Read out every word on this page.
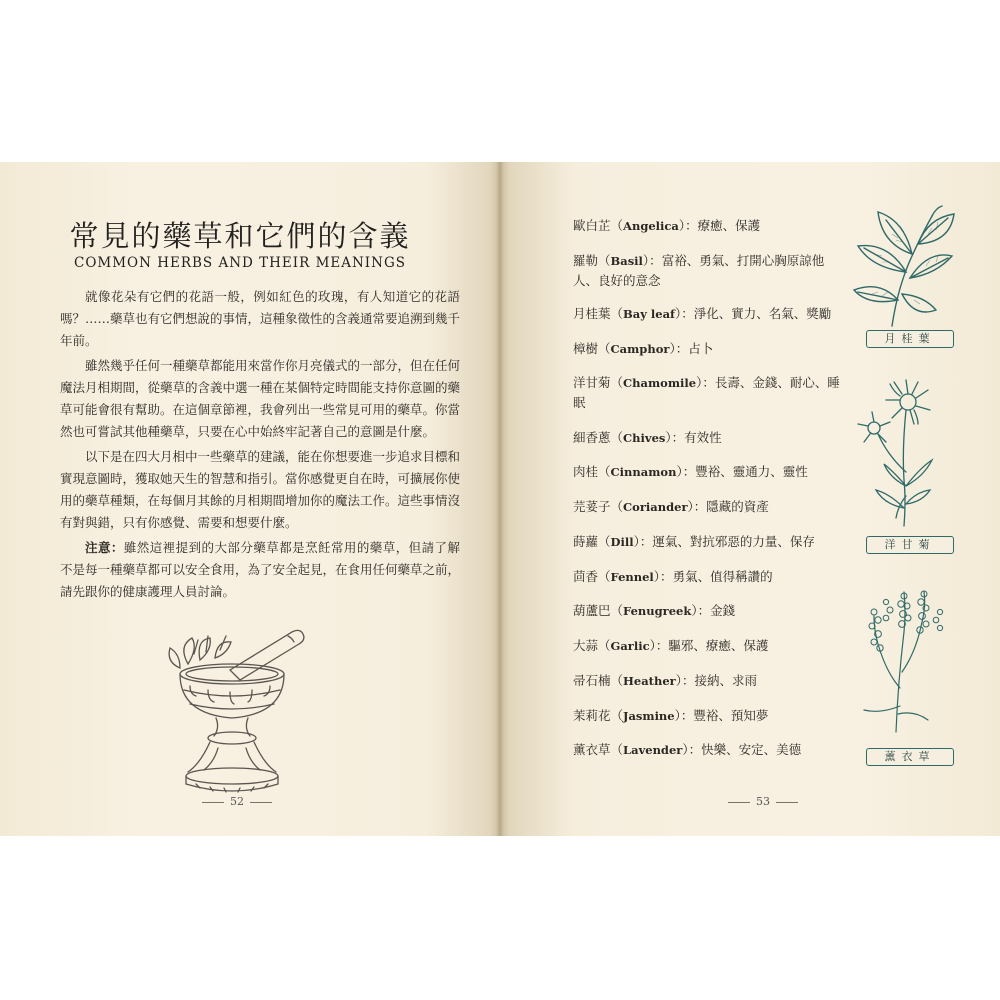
常見的藥草和它們的含義
COMMON HERBS AND THEIR MEANINGS

就像花朵有它們的花語一般，例如紅色的玫瑰，有人知道它的花語嗎？……藥草也有它們想說的事情，這種象徵性的含義通常要追溯到幾千年前。

雖然幾乎任何一種藥草都能用來當作你月亮儀式的一部分，但在任何魔法月相期間，從藥草的含義中選一種在某個特定時間能支持你意圖的藥草可能會很有幫助。在這個章節裡，我會列出一些常見可用的藥草。你當然也可嘗試其他種藥草，只要在心中始終牢記著自己的意圖是什麼。

以下是在四大月相中一些藥草的建議，能在你想要進一步追求目標和實現意圖時，獲取她天生的智慧和指引。當你感覺更自在時，可擴展你使用的藥草種類，在每個月其餘的月相期間增加你的魔法工作。這些事情沒有對與錯，只有你感覺、需要和想要什麼。

注意：雖然這裡提到的大部分藥草都是烹飪常用的藥草，但請了解不是每一種藥草都可以安全食用，為了安全起見，在食用任何藥草之前，請先跟你的健康護理人員討論。

52
歐白芷（Angelica）：療癒、保護
羅勒（Basil）：富裕、勇氣、打開心胸原諒他人、良好的意念
月桂葉（Bay leaf）：淨化、實力、名氣、獎勵
樟樹（Camphor）：占卜
洋甘菊（Chamomile）：長壽、金錢、耐心、睡眠
細香蔥（Chives）：有效性
肉桂（Cinnamon）：豐裕、靈通力、靈性
芫荽子（Coriander）：隱藏的資產
蒔蘿（Dill）：運氣、對抗邪惡的力量、保存
茴香（Fennel）：勇氣、值得稱讚的
葫蘆巴（Fenugreek）：金錢
大蒜（Garlic）：驅邪、療癒、保護
帚石楠（Heather）：接納、求雨
茉莉花（Jasmine）：豐裕、預知夢
薰衣草（Lavender）：快樂、安定、美德
月桂葉
洋甘菊
薰衣草
53
